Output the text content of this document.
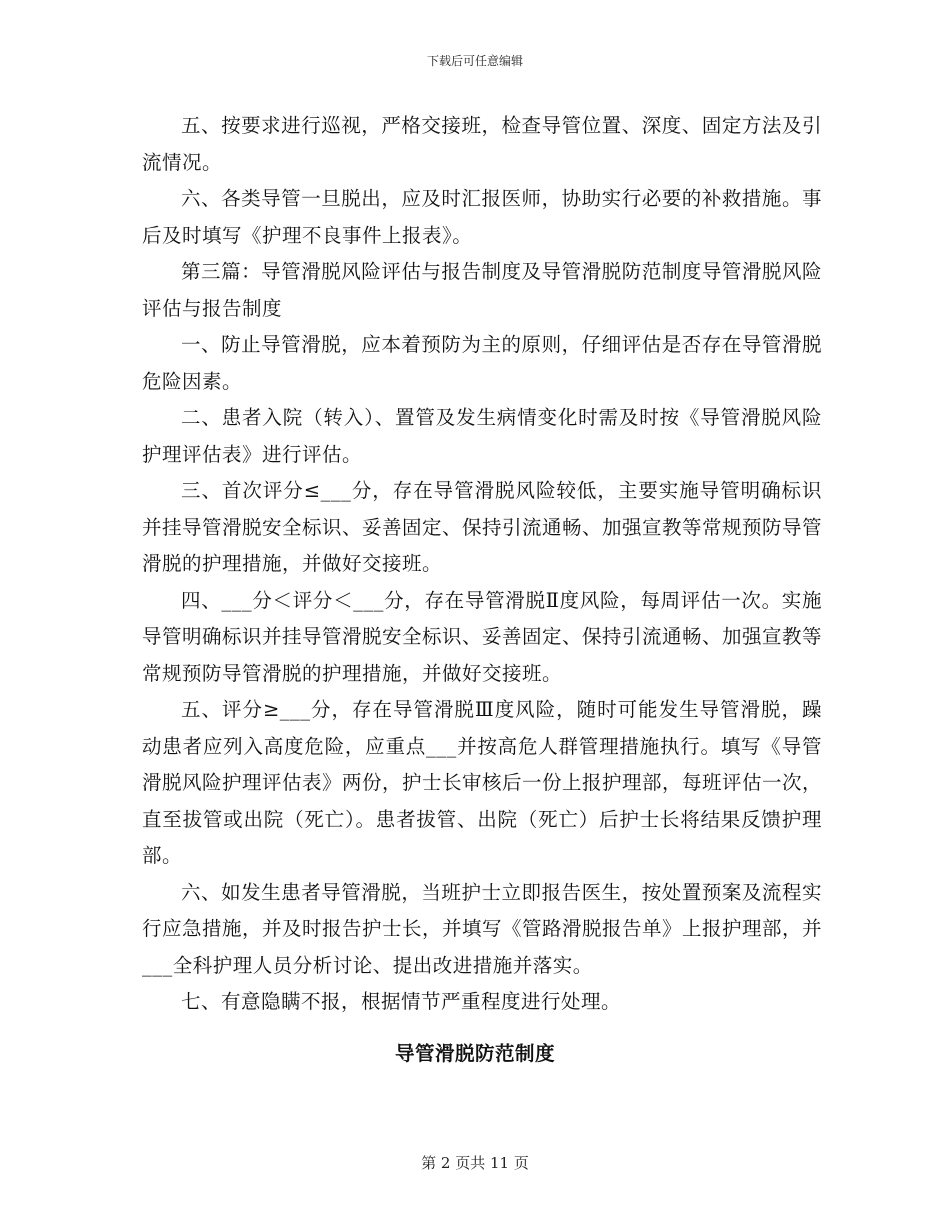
下载后可任意编辑

五、按要求进行巡视，严格交接班，检查导管位置、深度、固定方法及引流情况。

六、各类导管一旦脱出，应及时汇报医师，协助实行必要的补救措施。事后及时填写《护理不良事件上报表》。

第三篇：导管滑脱风险评估与报告制度及导管滑脱防范制度导管滑脱风险评估与报告制度

一、防止导管滑脱，应本着预防为主的原则，仔细评估是否存在导管滑脱危险因素。

二、患者入院（转入）、置管及发生病情变化时需及时按《导管滑脱风险护理评估表》进行评估。

三、首次评分≤___分，存在导管滑脱风险较低，主要实施导管明确标识并挂导管滑脱安全标识、妥善固定、保持引流通畅、加强宣教等常规预防导管滑脱的护理措施，并做好交接班。

四、___分＜评分＜___分，存在导管滑脱Ⅱ度风险，每周评估一次。实施导管明确标识并挂导管滑脱安全标识、妥善固定、保持引流通畅、加强宣教等常规预防导管滑脱的护理措施，并做好交接班。

五、评分≥___分，存在导管滑脱Ⅲ度风险，随时可能发生导管滑脱，躁动患者应列入高度危险，应重点___并按高危人群管理措施执行。填写《导管滑脱风险护理评估表》两份，护士长审核后一份上报护理部，每班评估一次，直至拔管或出院（死亡）。患者拔管、出院（死亡）后护士长将结果反馈护理部。

六、如发生患者导管滑脱，当班护士立即报告医生，按处置预案及流程实行应急措施，并及时报告护士长，并填写《管路滑脱报告单》上报护理部，并___全科护理人员分析讨论、提出改进措施并落实。

七、有意隐瞒不报，根据情节严重程度进行处理。

导管滑脱防范制度
第 2 页共 11 页
